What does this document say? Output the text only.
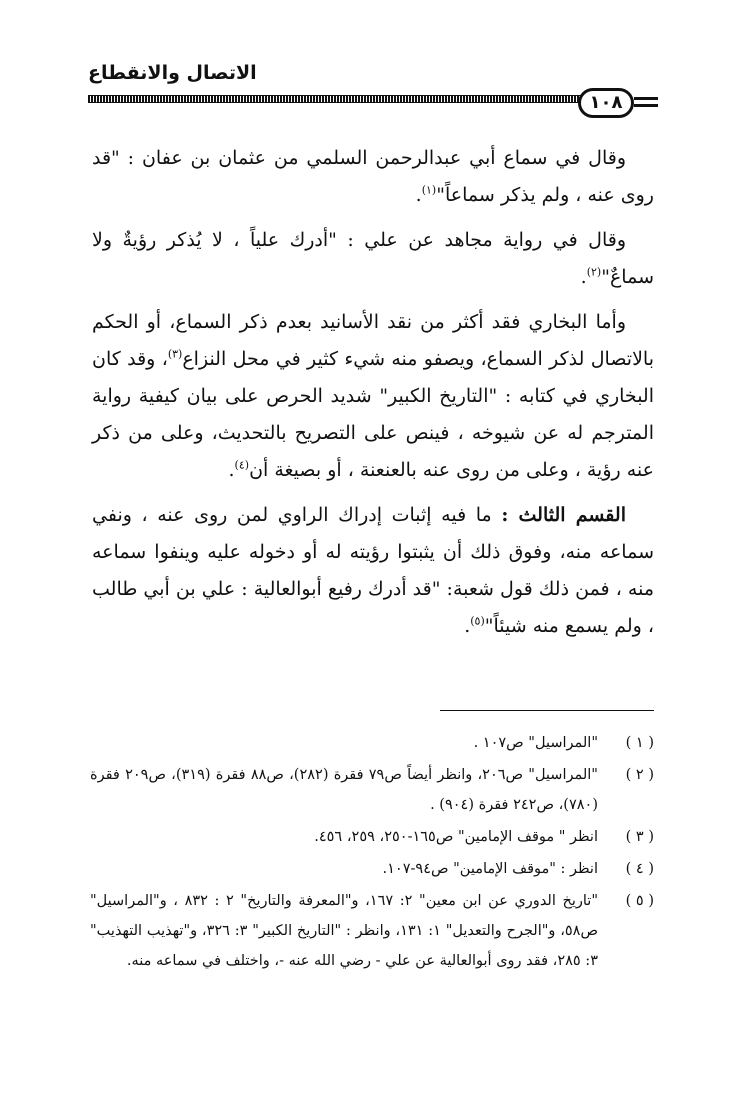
الاتصال والانقطاع
١٠٨

وقال في سماع أبي عبدالرحمن السلمي من عثمان بن عفان : "قد روى عنه ، ولم يذكر سماعاً"$^{(١)}$.

وقال في رواية مجاهد عن علي : "أدرك علياً ، لا يُذكر رؤيةٌ ولا سماعٌ"$^{(٢)}$.

وأما البخاري فقد أكثر من نقد الأسانيد بعدم ذكر السماع، أو الحكم بالاتصال لذكر السماع، ويصفو منه شيء كثير في محل النزاع$^{(٣)}$، وقد كان البخاري في كتابه : "التاريخ الكبير" شديد الحرص على بيان كيفية رواية المترجم له عن شيوخه ، فينص على التصريح بالتحديث، وعلى من ذكر عنه رؤية ، وعلى من روى عنه بالعنعنة ، أو بصيغة أن$^{(٤)}$.

القسم الثالث : ما فيه إثبات إدراك الراوي لمن روى عنه ، ونفي سماعه منه، وفوق ذلك أن يثبتوا رؤيته له أو دخوله عليه وينفوا سماعه منه ، فمن ذلك قول شعبة: "قد أدرك رفيع أبوالعالية : علي بن أبي طالب ، ولم يسمع منه شيئاً"$^{(٥)}$.

( ١ )
"المراسيل" ص١٠٧ .
( ٢ )
"المراسيل" ص٢٠٦، وانظر أيضاً ص٧٩ فقرة (٢٨٢)، ص٨٨ فقرة (٣١٩)، ص٢٠٩ فقرة (٧٨٠)، ص٢٤٢ فقرة (٩٠٤) .
( ٣ )
انظر " موقف الإمامين" ص١٦٥-٢٥٠، ٢٥٩، ٤٥٦.
( ٤ )
انظر : "موقف الإمامين" ص٩٤-١٠٧.
( ٥ )
"تاريخ الدوري عن ابن معين" ٢: ١٦٧، و"المعرفة والتاريخ" ٢ : ٨٣٢ ، و"المراسيل" ص٥٨، و"الجرح والتعديل" ١: ١٣١، وانظر : "التاريخ الكبير" ٣: ٣٢٦، و"تهذيب التهذيب" ٣: ٢٨٥، فقد روى أبوالعالية عن علي - رضي الله عنه -، واختلف في سماعه منه.
